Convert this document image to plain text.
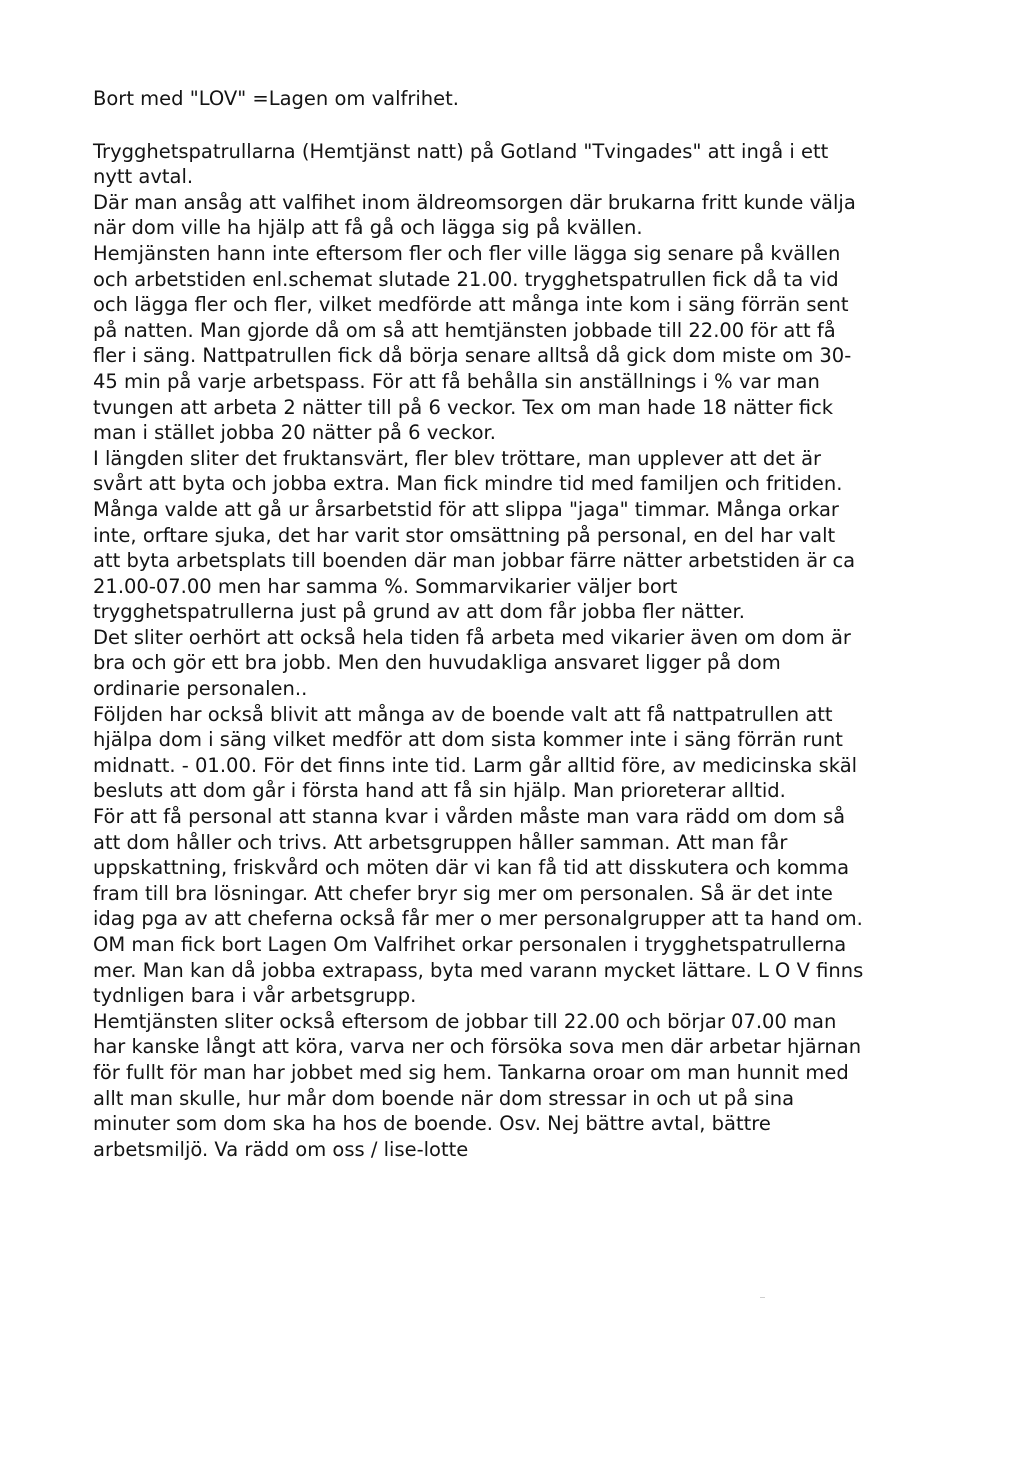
Bort med "LOV" =Lagen om valfrihet.
Trygghetspatrullarna (Hemtjänst natt) på Gotland "Tvingades" att ingå i ett
nytt avtal.
Där man ansåg att valfihet inom äldreomsorgen där brukarna fritt kunde välja
när dom ville ha hjälp att få gå och lägga sig på kvällen.
Hemjänsten hann inte eftersom fler och fler ville lägga sig senare på kvällen
och arbetstiden enl.schemat slutade 21.00. trygghetspatrullen fick då ta vid
och lägga fler och fler, vilket medförde att många inte kom i säng förrän sent
på natten. Man gjorde då om så att hemtjänsten jobbade till 22.00 för att få
fler i säng. Nattpatrullen fick då börja senare alltså då gick dom miste om 30-
45 min på varje arbetspass. För att få behålla sin anställnings i % var man
tvungen att arbeta 2 nätter till på 6 veckor. Tex om man hade 18 nätter fick
man i stället jobba 20 nätter på 6 veckor.
I längden sliter det fruktansvärt, fler blev tröttare, man upplever att det är
svårt att byta och jobba extra. Man fick mindre tid med familjen och fritiden.
Många valde att gå ur årsarbetstid för att slippa "jaga" timmar. Många orkar
inte, orftare sjuka, det har varit stor omsättning på personal, en del har valt
att byta arbetsplats till boenden där man jobbar färre nätter arbetstiden är ca
21.00-07.00 men har samma %. Sommarvikarier väljer bort
trygghetspatrullerna just på grund av att dom får jobba fler nätter.
Det sliter oerhört att också hela tiden få arbeta med vikarier även om dom är
bra och gör ett bra jobb. Men den huvudakliga ansvaret ligger på dom
ordinarie personalen..
Följden har också blivit att många av de boende valt att få nattpatrullen att
hjälpa dom i säng vilket medför att dom sista kommer inte i säng förrän runt
midnatt. - 01.00. För det finns inte tid. Larm går alltid före, av medicinska skäl
besluts att dom går i första hand att få sin hjälp. Man prioreterar alltid.
För att få personal att stanna kvar i vården måste man vara rädd om dom så
att dom håller och trivs. Att arbetsgruppen håller samman. Att man får
uppskattning, friskvård och möten där vi kan få tid att disskutera och komma
fram till bra lösningar. Att chefer bryr sig mer om personalen. Så är det inte
idag pga av att cheferna också får mer o mer personalgrupper att ta hand om.
OM man fick bort Lagen Om Valfrihet orkar personalen i trygghetspatrullerna
mer. Man kan då jobba extrapass, byta med varann mycket lättare. L O V finns
tydnligen bara i vår arbetsgrupp.
Hemtjänsten sliter också eftersom de jobbar till 22.00 och börjar 07.00 man
har kanske långt att köra, varva ner och försöka sova men där arbetar hjärnan
för fullt för man har jobbet med sig hem. Tankarna oroar om man hunnit med
allt man skulle, hur mår dom boende när dom stressar in och ut på sina
minuter som dom ska ha hos de boende. Osv. Nej bättre avtal, bättre
arbetsmiljö. Va rädd om oss / lise-lotte
